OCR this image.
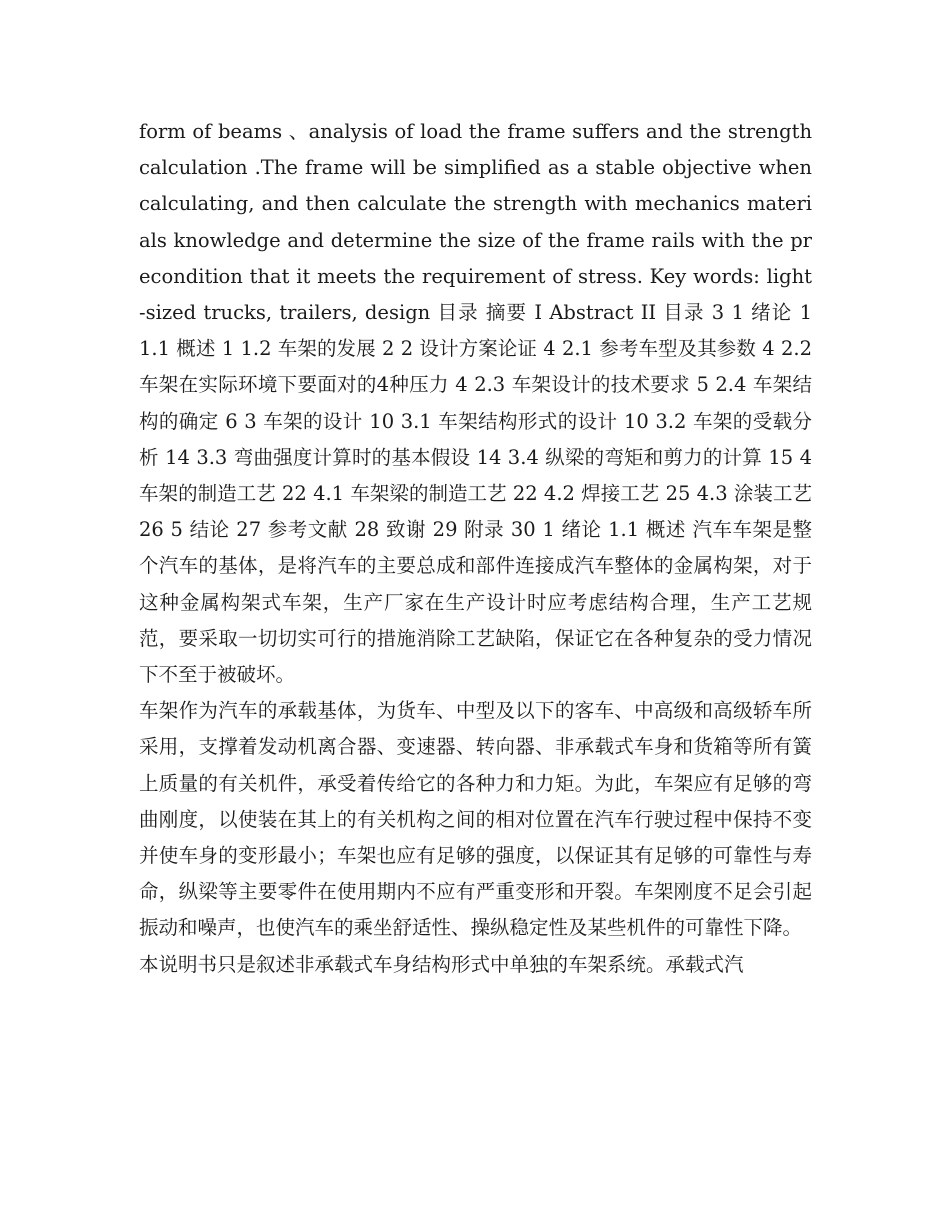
form of beams 、analysis of load the frame suffers and the strength calculation .The frame will be simplified as a stable objective when calculating, and then calculate the strength with mechanics materials knowledge and determine the size of the frame rails with the precondition that it meets the requirement of stress. Key words: light-sized trucks, trailers, design 目录 摘要 I Abstract II 目录 3 1 绪论 1 1.1 概述 1 1.2 车架的发展 2 2 设计方案论证 4 2.1 参考车型及其参数 4 2.2 车架在实际环境下要面对的4种压力 4 2.3 车架设计的技术要求 5 2.4 车架结构的确定 6 3 车架的设计 10 3.1 车架结构形式的设计 10 3.2 车架的受载分析 14 3.3 弯曲强度计算时的基本假设 14 3.4 纵梁的弯矩和剪力的计算 15 4 车架的制造工艺 22 4.1 车架梁的制造工艺 22 4.2 焊接工艺 25 4.3 涂装工艺 26 5 结论 27 参考文献 28 致谢 29 附录 30 1 绪论 1.1 概述 汽车车架是整个汽车的基体，是将汽车的主要总成和部件连接成汽车整体的金属构架，对于这种金属构架式车架，生产厂家在生产设计时应考虑结构合理，生产工艺规范，要采取一切切实可行的措施消除工艺缺陷，保证它在各种复杂的受力情况下不至于被破坏。

车架作为汽车的承载基体，为货车、中型及以下的客车、中高级和高级轿车所采用，支撑着发动机离合器、变速器、转向器、非承载式车身和货箱等所有簧上质量的有关机件，承受着传给它的各种力和力矩。为此，车架应有足够的弯曲刚度，以使装在其上的有关机构之间的相对位置在汽车行驶过程中保持不变并使车身的变形最小；车架也应有足够的强度，以保证其有足够的可靠性与寿命，纵梁等主要零件在使用期内不应有严重变形和开裂。车架刚度不足会引起振动和噪声，也使汽车的乘坐舒适性、操纵稳定性及某些机件的可靠性下降。

本说明书只是叙述非承载式车身结构形式中单独的车架系统。承载式汽
